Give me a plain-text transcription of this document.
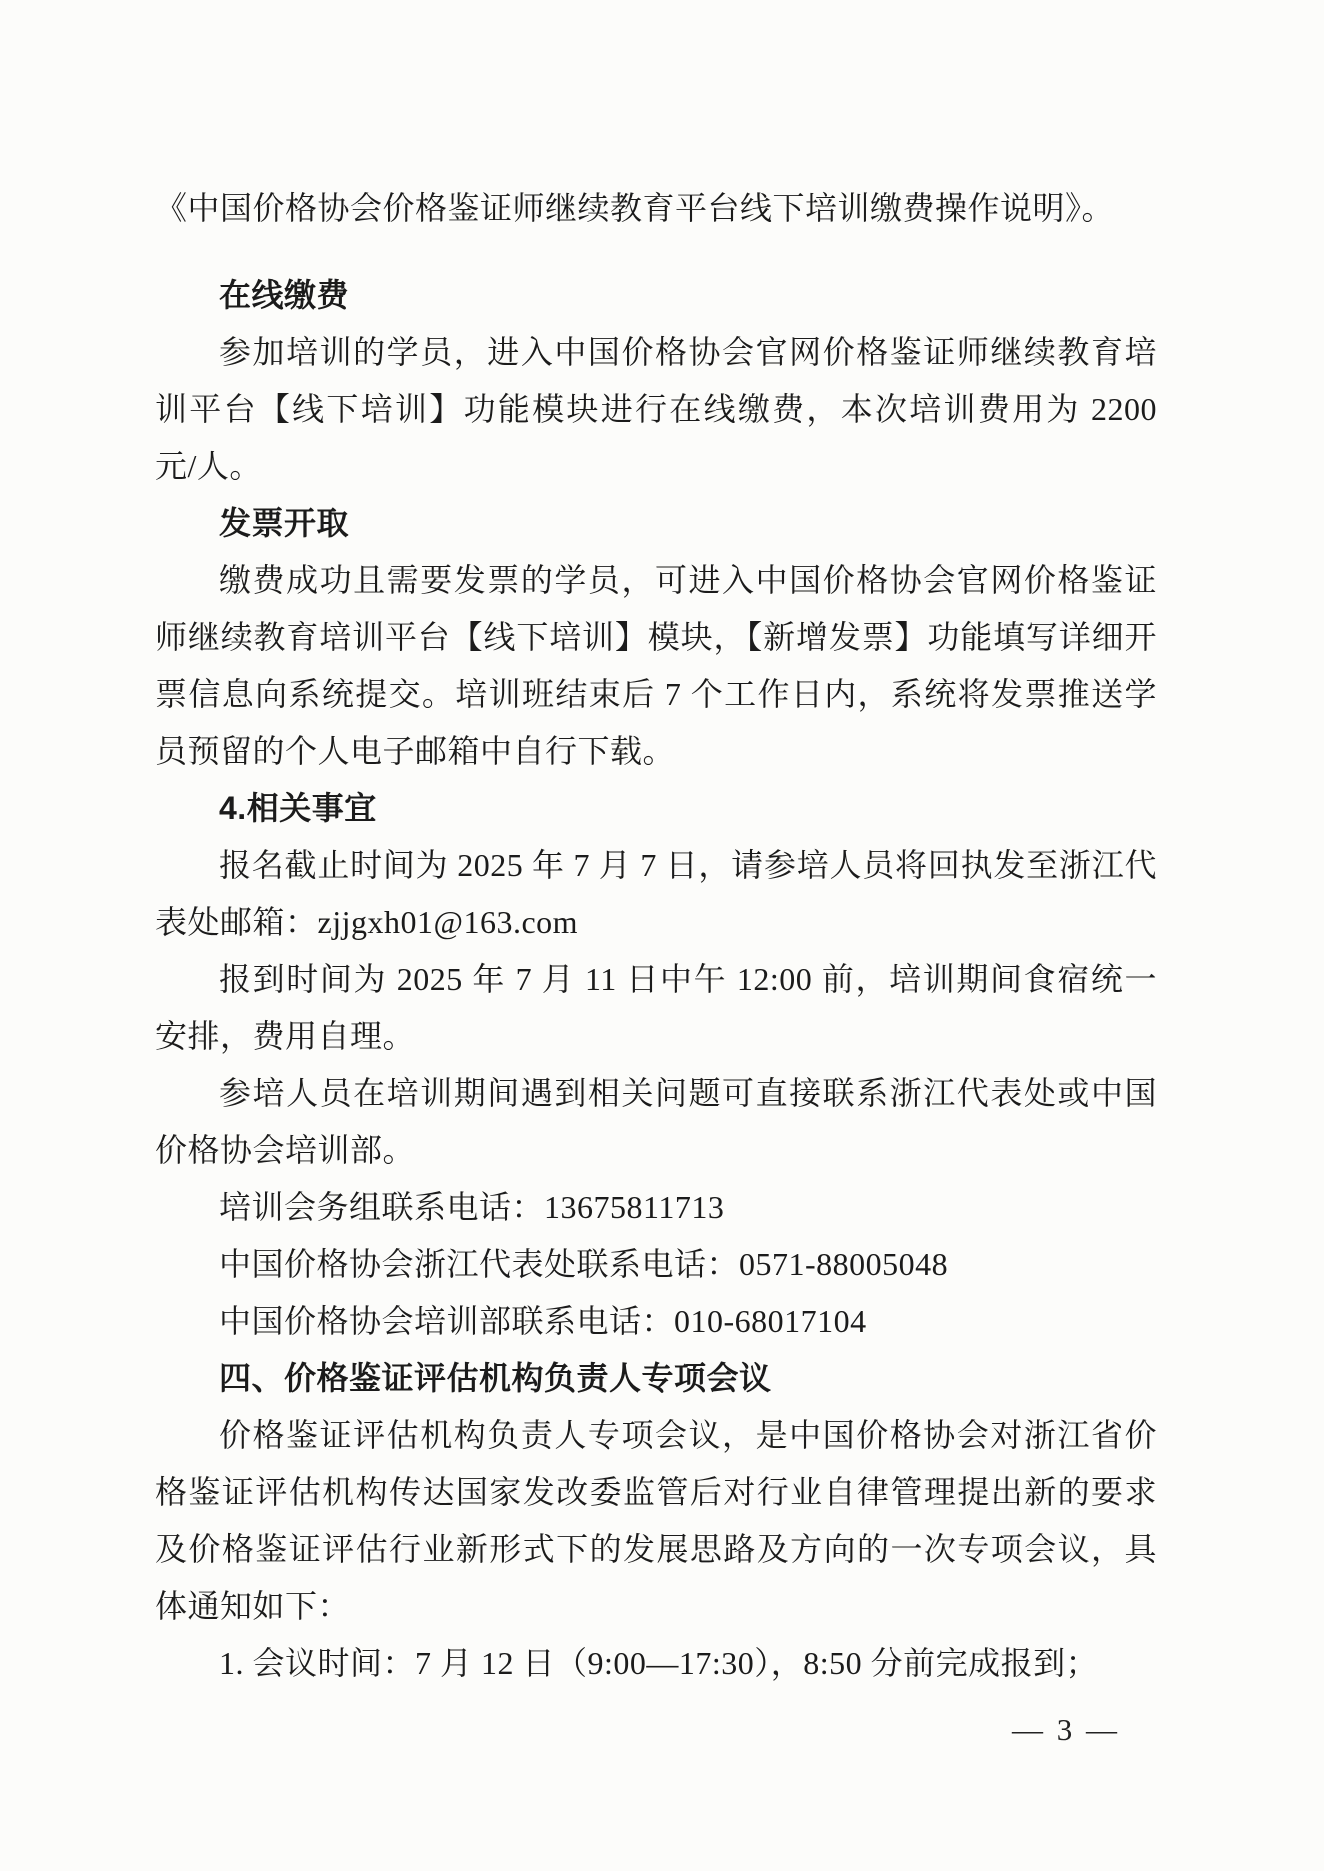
《中国价格协会价格鉴证师继续教育平台线下培训缴费操作说明》。

在线缴费

参加培训的学员，进入中国价格协会官网价格鉴证师继续教育培训平台【线下培训】功能模块进行在线缴费，本次培训费用为 2200 元/人。

发票开取

缴费成功且需要发票的学员，可进入中国价格协会官网价格鉴证师继续教育培训平台【线下培训】模块，【新增发票】功能填写详细开票信息向系统提交。培训班结束后 7 个工作日内，系统将发票推送学员预留的个人电子邮箱中自行下载。

4.相关事宜

报名截止时间为 2025 年 7 月 7 日，请参培人员将回执发至浙江代表处邮箱：zjjgxh01@163.com

报到时间为 2025 年 7 月 11 日中午 12:00 前，培训期间食宿统一安排，费用自理。

参培人员在培训期间遇到相关问题可直接联系浙江代表处或中国价格协会培训部。

培训会务组联系电话：13675811713

中国价格协会浙江代表处联系电话：0571-88005048

中国价格协会培训部联系电话：010-68017104

四、价格鉴证评估机构负责人专项会议

价格鉴证评估机构负责人专项会议，是中国价格协会对浙江省价格鉴证评估机构传达国家发改委监管后对行业自律管理提出新的要求及价格鉴证评估行业新形式下的发展思路及方向的一次专项会议，具体通知如下：

1. 会议时间：7 月 12 日（9:00—17:30），8:50 分前完成报到；

— 3 —
